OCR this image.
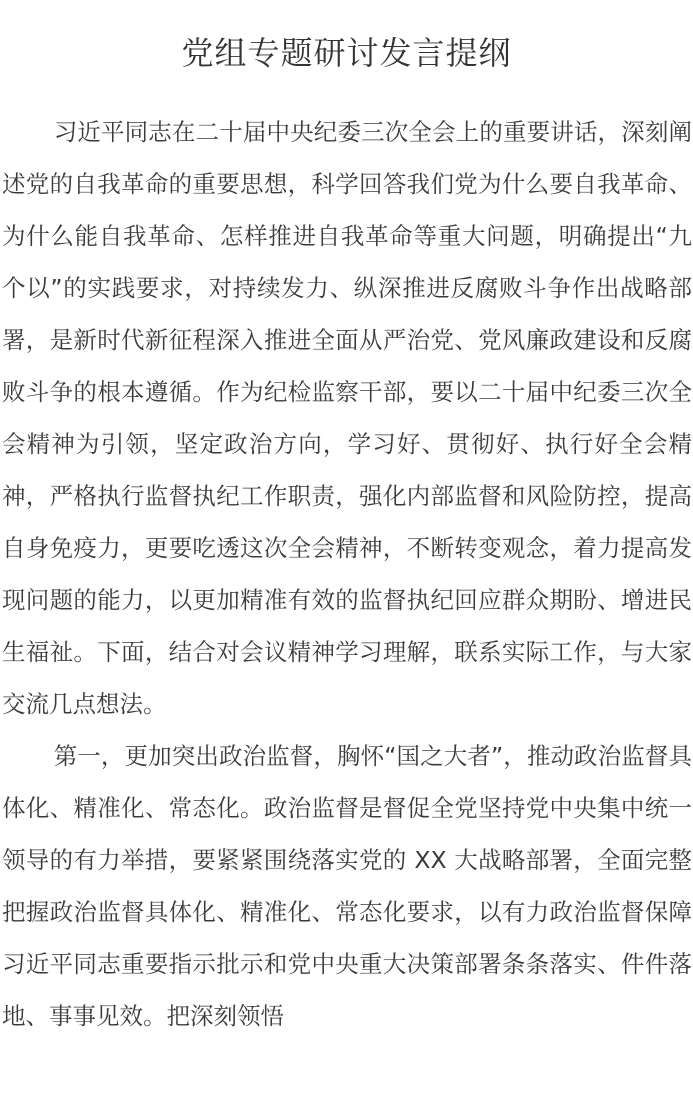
党组专题研讨发言提纲

习近平同志在二十届中央纪委三次全会上的重要讲话，深刻阐述党的自我革命的重要思想，科学回答我们党为什么要自我革命、为什么能自我革命、怎样推进自我革命等重大问题，明确提出“九个以”的实践要求，对持续发力、纵深推进反腐败斗争作出战略部署，是新时代新征程深入推进全面从严治党、党风廉政建设和反腐败斗争的根本遵循。作为纪检监察干部，要以二十届中纪委三次全会精神为引领，坚定政治方向，学习好、贯彻好、执行好全会精神，严格执行监督执纪工作职责，强化内部监督和风险防控，提高自身免疫力，更要吃透这次全会精神，不断转变观念，着力提高发现问题的能力，以更加精准有效的监督执纪回应群众期盼、增进民生福祉。下面，结合对会议精神学习理解，联系实际工作，与大家交流几点想法。

第一，更加突出政治监督，胸怀“国之大者”，推动政治监督具体化、精准化、常态化。政治监督是督促全党坚持党中央集中统一领导的有力举措，要紧紧围绕落实党的 XX 大战略部署，全面完整把握政治监督具体化、精准化、常态化要求，以有力政治监督保障习近平同志重要指示批示和党中央重大决策部署条条落实、件件落地、事事见效。把深刻领悟
